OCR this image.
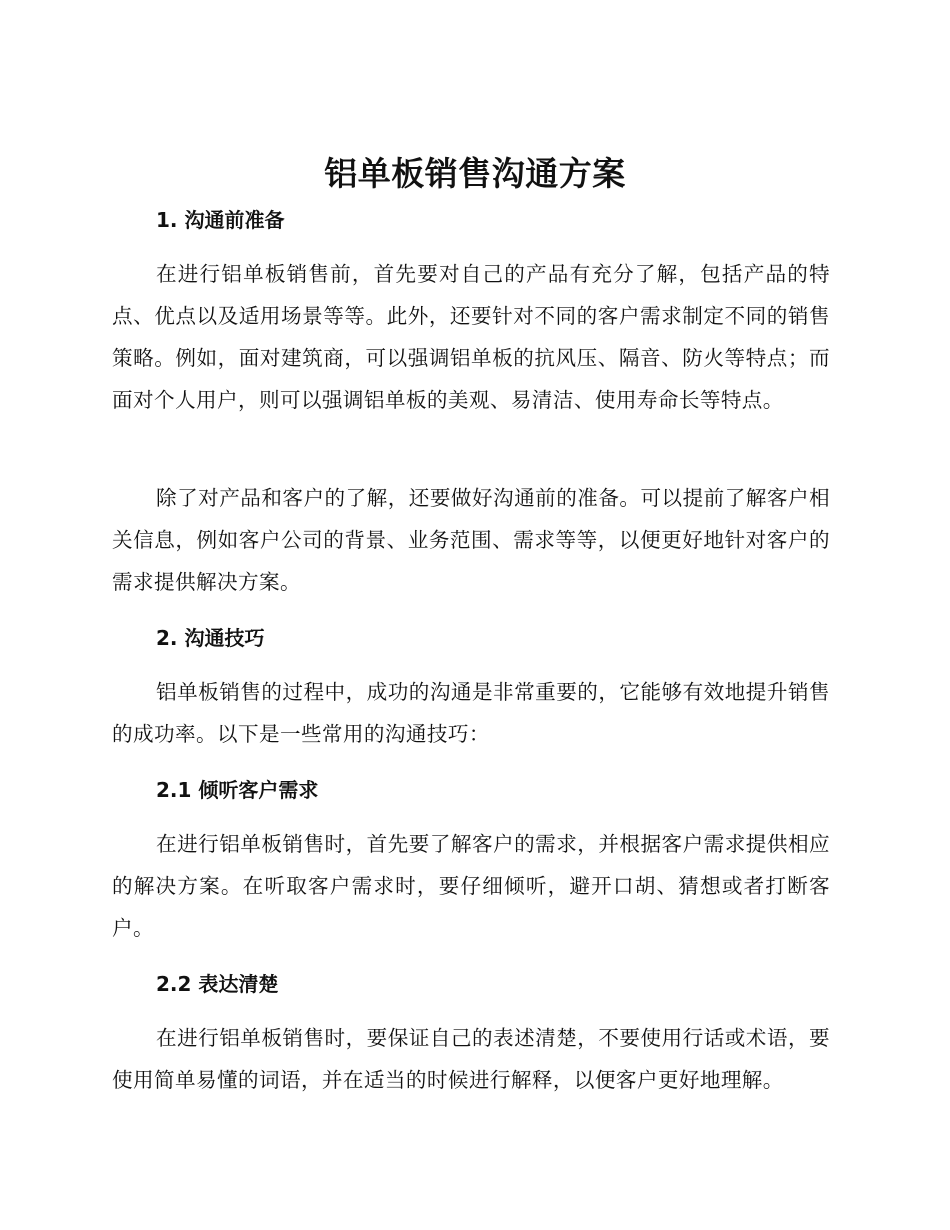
铝单板销售沟通方案
1. 沟通前准备

在进行铝单板销售前，首先要对自己的产品有充分了解，包括产品的特点、优点以及适用场景等等。此外，还要针对不同的客户需求制定不同的销售策略。例如，面对建筑商，可以强调铝单板的抗风压、隔音、防火等特点；而面对个人用户，则可以强调铝单板的美观、易清洁、使用寿命长等特点。

除了对产品和客户的了解，还要做好沟通前的准备。可以提前了解客户相关信息，例如客户公司的背景、业务范围、需求等等，以便更好地针对客户的需求提供解决方案。

2. 沟通技巧

铝单板销售的过程中，成功的沟通是非常重要的，它能够有效地提升销售的成功率。以下是一些常用的沟通技巧：

2.1 倾听客户需求

在进行铝单板销售时，首先要了解客户的需求，并根据客户需求提供相应的解决方案。在听取客户需求时，要仔细倾听，避开口胡、猜想或者打断客户。

2.2 表达清楚

在进行铝单板销售时，要保证自己的表述清楚，不要使用行话或术语，要使用简单易懂的词语，并在适当的时候进行解释，以便客户更好地理解。
